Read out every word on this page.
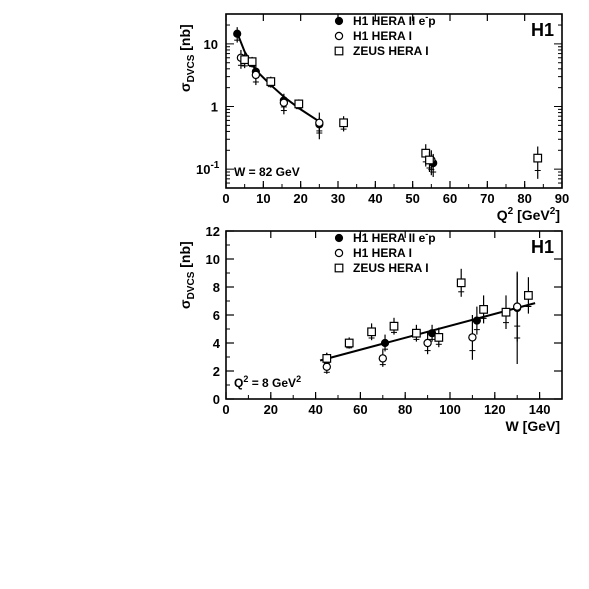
0 10 20 30 40 50 60 70 80 90
$10^{-1}$
1
10
$Q^2$ [GeV$^2$]
$\sigma_{DVCS}$ [nb]	H1
W = 82 GeV
H1 HERA II e-p
H1 HERA I
ZEUS HERA I
0	20 40 60 80 100 120 140
0
2
4
6
8
10
12
W [GeV]
$\sigma_{DVCS}$ [nb]	H1
$Q^2 = 8$ GeV$^2$
H1 HERA II e-p
H1 HERA I
ZEUS HERA I
